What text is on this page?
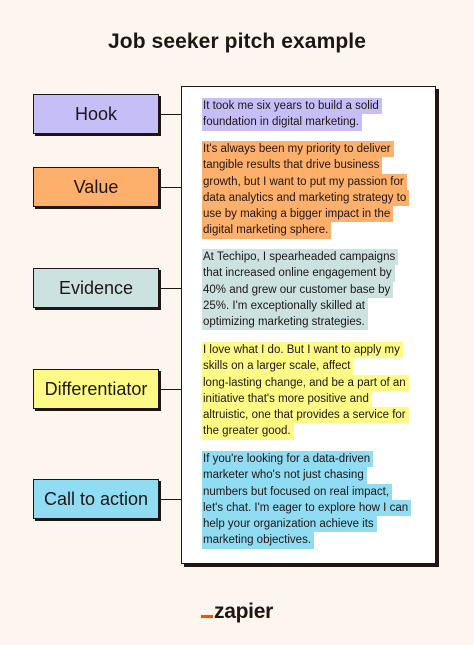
Job seeker pitch example
Hook
Value
Evidence
Differentiator
Call to action
It took me six years to build a solid
foundation in digital marketing.
It's always been my priority to deliver
tangible results that drive business
growth, but I want to put my passion for
data analytics and marketing strategy to
use by making a bigger impact in the
digital marketing sphere.
At Techipo, I spearheaded campaigns
that increased online engagement by
40% and grew our customer base by
25%. I'm exceptionally skilled at
optimizing marketing strategies.
I love what I do. But I want to apply my
skills on a larger scale, affect
long-lasting change, and be a part of an
initiative that's more positive and
altruistic, one that provides a service for
the greater good.
If you're looking for a data-driven
marketer who's not just chasing
numbers but focused on real impact,
let's chat. I'm eager to explore how I can
help your organization achieve its
marketing objectives.
zapier
